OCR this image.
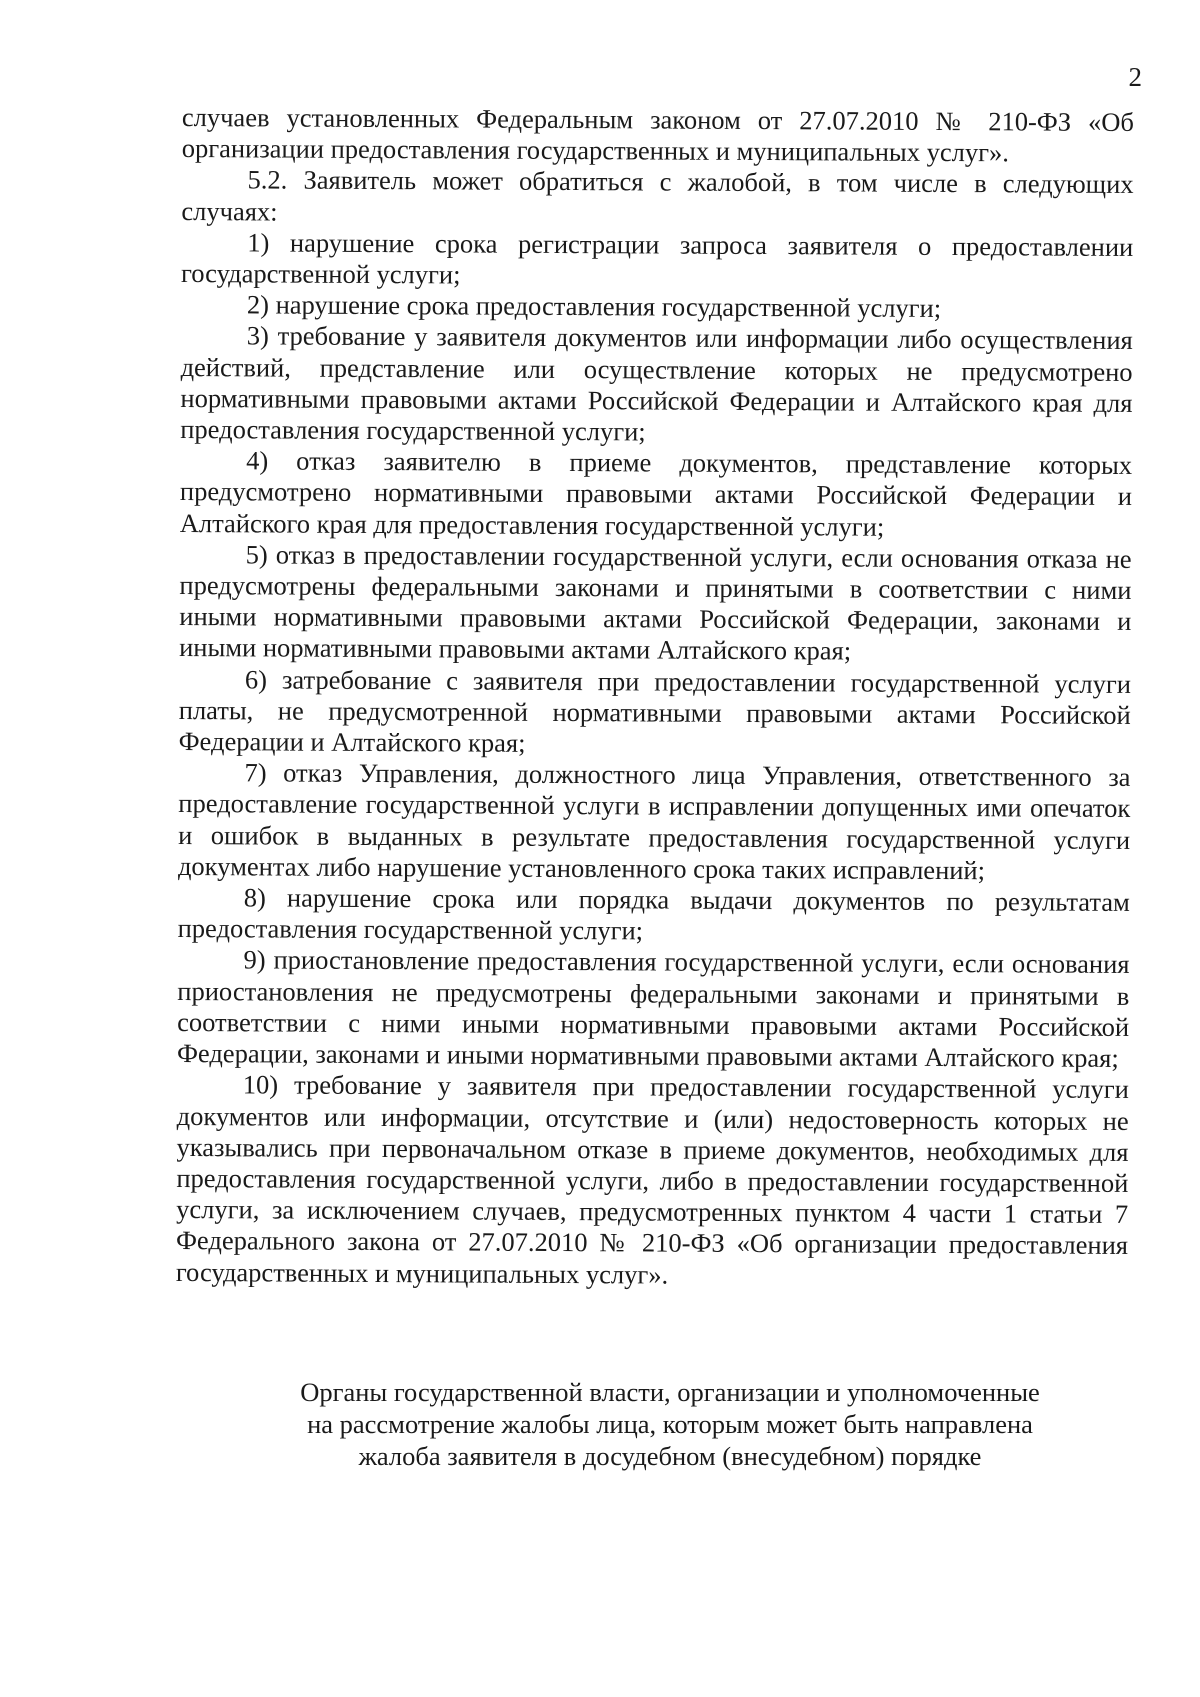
2

случаев установленных Федеральным законом от 27.07.2010 № 210-ФЗ «Об организации предоставления государственных и муниципальных услуг».

5.2. Заявитель может обратиться с жалобой, в том числе в следующих случаях:

1) нарушение срока регистрации запроса заявителя о предоставлении государственной услуги;

2) нарушение срока предоставления государственной услуги;

3) требование у заявителя документов или информации либо осуществления действий, представление или осуществление которых не предусмотрено нормативными правовыми актами Российской Федерации и Алтайского края для предоставления государственной услуги;

4) отказ заявителю в приеме документов, представление которых предусмотрено нормативными правовыми актами Российской Федерации и Алтайского края для предоставления государственной услуги;

5) отказ в предоставлении государственной услуги, если основания отказа не предусмотрены федеральными законами и принятыми в соответствии с ними иными нормативными правовыми актами Российской Федерации, законами и иными нормативными правовыми актами Алтайского края;

6) затребование с заявителя при предоставлении государственной услуги платы, не предусмотренной нормативными правовыми актами Российской Федерации и Алтайского края;

7) отказ Управления, должностного лица Управления, ответственного за предоставление государственной услуги в исправлении допущенных ими опечаток и ошибок в выданных в результате предоставления государственной услуги документах либо нарушение установленного срока таких исправлений;

8) нарушение срока или порядка выдачи документов по результатам предоставления государственной услуги;

9) приостановление предоставления государственной услуги, если основания приостановления не предусмотрены федеральными законами и принятыми в соответствии с ними иными нормативными правовыми актами Российской Федерации, законами и иными нормативными правовыми актами Алтайского края;

10) требование у заявителя при предоставлении государственной услуги документов или информации, отсутствие и (или) недостоверность которых не указывались при первоначальном отказе в приеме документов, необходимых для предоставления государственной услуги, либо в предоставлении государственной услуги, за исключением случаев, предусмотренных пунктом 4 части 1 статьи 7 Федерального закона от 27.07.2010 № 210-ФЗ «Об организации предоставления государственных и муниципальных услуг».

Органы государственной власти, организации и уполномоченные
на рассмотрение жалобы лица, которым может быть направлена
жалоба заявителя в досудебном (внесудебном) порядке
